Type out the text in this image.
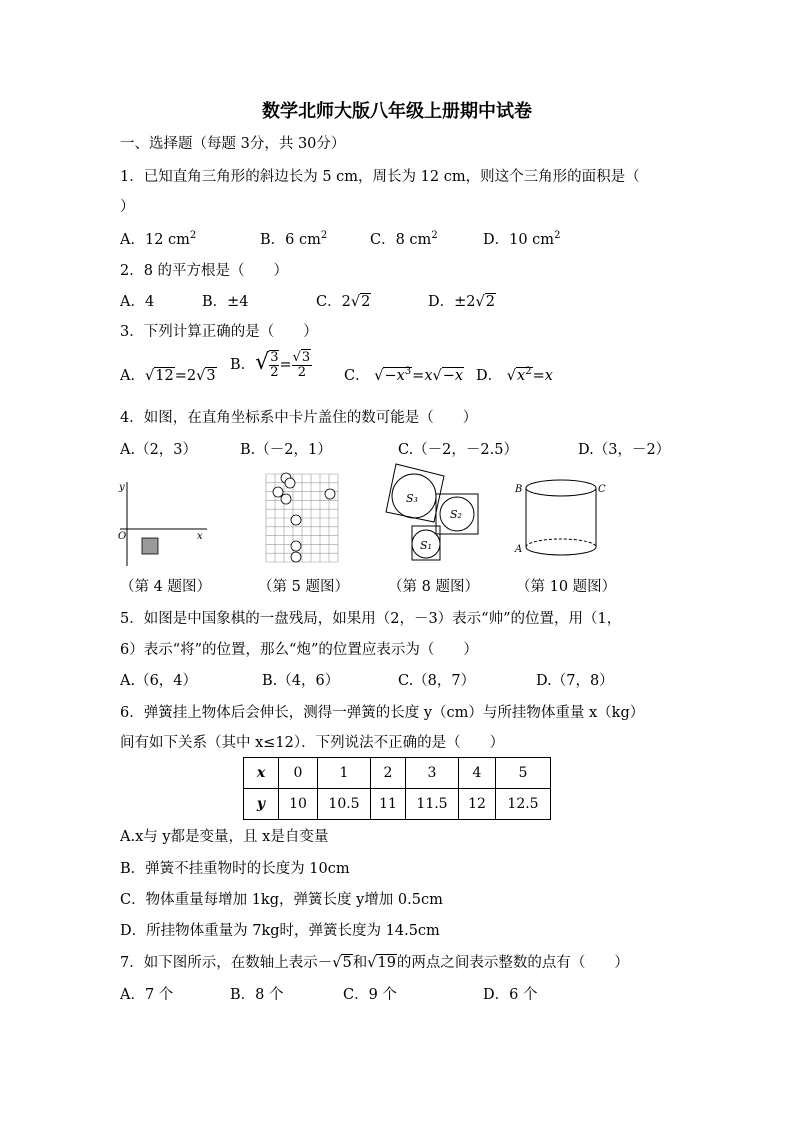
数学北师大版八年级上册期中试卷
一、选择题（每题 3分，共 30分）
1．已知直角三角形的斜边长为 5 cm，周长为 12 cm，则这个三角形的面积是（
）
A．12 $cm^2$	B．6 $cm^2$	C．8 $cm^2$	D．10 $cm^2$
2．8 的平方根是（　　）
A．4	B．±4	C．2√2	D．±2√2
3．下列计算正确的是（　　）
A．√12=2√3
B．√ $\frac{3}{2} = \frac{√3}{2}$ C． $√-x^3=x√-x$ D． $√x^2=x$
4．如图，在直角坐标系中卡片盖住的数可能是（　　）
A.（2，3）	B.（－2，1）	C.（－2，－2.5）	D.（3，－2）
y
x
O
S₃
S₂
S₁
B	C
A
（第 4 题图）	（第 5 题图）	（第 8 题图）	（第 10 题图）
5．如图是中国象棋的一盘残局，如果用（2，－3）表示“帅”的位置，用（1，
6）表示“将”的位置，那么“炮”的位置应表示为（　　）
A.（6，4）	B.（4，6）	C.（8，7）	D.（7，8）
6．弹簧挂上物体后会伸长，测得一弹簧的长度 y（cm）与所挂物体重量 x（kg）
间有如下关系（其中 x≤12）．下列说法不正确的是（　　）
x	0	1	2	3	4	5
y	10	10.5	11	11.5	12	12.5
A.x与 y都是变量，且 x是自变量
B．弹簧不挂重物时的长度为 10cm
C．物体重量每增加 1kg，弹簧长度 y增加 0.5cm
D．所挂物体重量为 7kg时，弹簧长度为 14.5cm
7．如下图所示，在数轴上表示－√5和√19的两点之间表示整数的点有（　　）
A．7 个	B．8 个	C．9 个	D．6 个
